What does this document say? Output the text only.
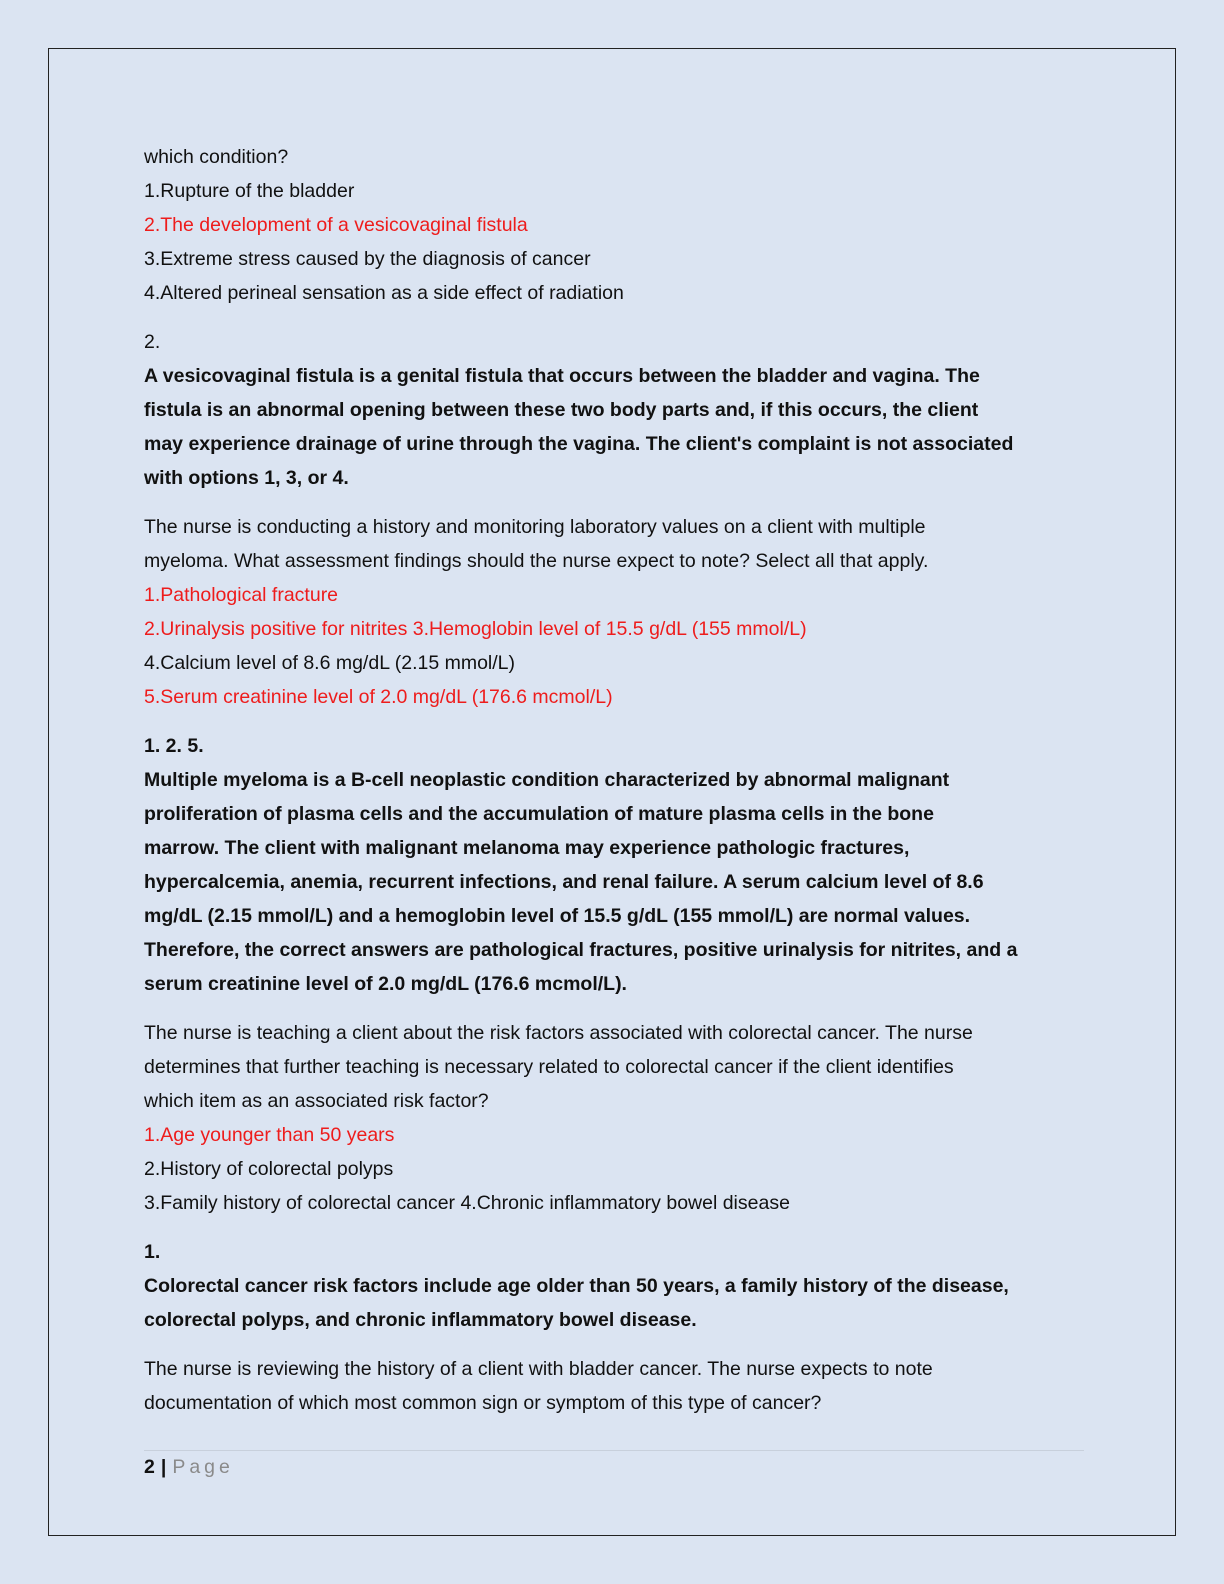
which condition?
1.Rupture of the bladder
2.The development of a vesicovaginal fistula
3.Extreme stress caused by the diagnosis of cancer
4.Altered perineal sensation as a side effect of radiation
2.
A vesicovaginal fistula is a genital fistula that occurs between the bladder and vagina. The
fistula is an abnormal opening between these two body parts and, if this occurs, the client
may experience drainage of urine through the vagina. The client's complaint is not associated
with options 1, 3, or 4.
The nurse is conducting a history and monitoring laboratory values on a client with multiple
myeloma. What assessment findings should the nurse expect to note? Select all that apply.
1.Pathological fracture
2.Urinalysis positive for nitrites 3.Hemoglobin level of 15.5 g/dL (155 mmol/L)
4.Calcium level of 8.6 mg/dL (2.15 mmol/L)
5.Serum creatinine level of 2.0 mg/dL (176.6 mcmol/L)
1. 2. 5.
Multiple myeloma is a B-cell neoplastic condition characterized by abnormal malignant
proliferation of plasma cells and the accumulation of mature plasma cells in the bone
marrow. The client with malignant melanoma may experience pathologic fractures,
hypercalcemia, anemia, recurrent infections, and renal failure. A serum calcium level of 8.6
mg/dL (2.15 mmol/L) and a hemoglobin level of 15.5 g/dL (155 mmol/L) are normal values.
Therefore, the correct answers are pathological fractures, positive urinalysis for nitrites, and a
serum creatinine level of 2.0 mg/dL (176.6 mcmol/L).
The nurse is teaching a client about the risk factors associated with colorectal cancer. The nurse
determines that further teaching is necessary related to colorectal cancer if the client identifies
which item as an associated risk factor?
1.Age younger than 50 years
2.History of colorectal polyps
3.Family history of colorectal cancer 4.Chronic inflammatory bowel disease
1.
Colorectal cancer risk factors include age older than 50 years, a family history of the disease,
colorectal polyps, and chronic inflammatory bowel disease.
The nurse is reviewing the history of a client with bladder cancer. The nurse expects to note
documentation of which most common sign or symptom of this type of cancer?
2 | Page
